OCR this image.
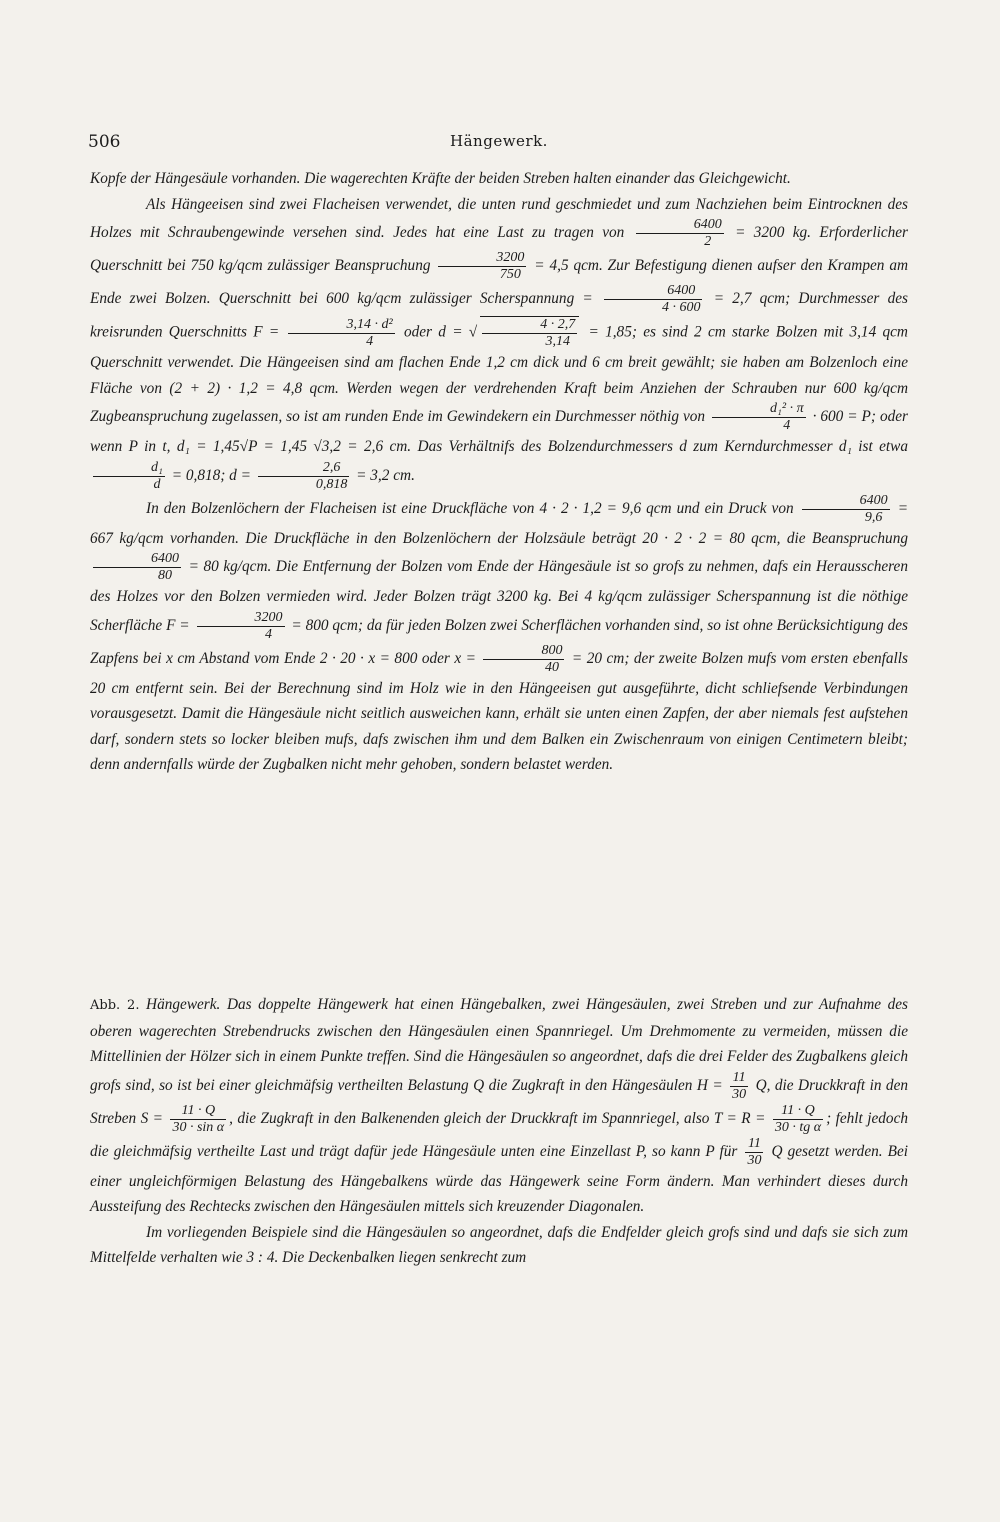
506	Hängewerk.

Kopfe der Hängesäule vorhanden. Die wagerechten Kräfte der beiden Streben halten einander das Gleichgewicht.

Als Hängeeisen sind zwei Flacheisen verwendet, die unten rund geschmiedet und zum Nachziehen beim Eintrocknen des Holzes mit Schraubengewinde versehen sind. Jedes hat eine Last zu tragen von $\frac{6400}{2} = 3200$ kg. Erforderlicher Querschnitt bei 750 kg/qcm zulässiger Beanspruchung $\frac{3200}{750} = 4,5$ qcm. Zur Befestigung dienen aufser den Krampen am Ende zwei Bolzen. Querschnitt bei 600 kg/qcm zulässiger Scherspannung = $\frac{6400}{4 \cdot 600} = 2,7$ qcm; Durchmesser des kreisrunden Querschnitts $F = \frac{\text{3,14 · d²}}{4}$ oder d = √ $\frac{4 \cdot 2,7}{3,14} = 1,85$; es sind 2 cm starke Bolzen mit 3,14 qcm Querschnitt verwendet. Die Hängeeisen sind am flachen Ende 1,2 cm dick und 6 cm breit gewählt; sie haben am Bolzenloch eine Fläche von (2 + 2) · 1,2 = 4,8 qcm. Werden wegen der verdrehenden Kraft beim Anziehen der Schrauben nur 600 kg/qcm Zugbeanspruchung zugelassen, so ist am runden Ende im Gewindekern ein Durchmesser nöthig von $\frac{\text{d₁² · π}}{4} \cdot 600 = P$; oder wenn P in t, d₁ = 1,45√P = 1,45 √3,2 = 2,6 cm. Das Verhältnifs des Bolzendurchmessers d zum Kerndurchmesser d₁ ist etwa
$\frac{\text{d₁}}{d} = 0,818$; $d = \frac{2,6}{0,818} = 3,2$ cm.

In den Bolzenlöchern der Flacheisen ist eine Druckfläche von 4 · 2 · 1,2 = 9,6 qcm und ein Druck von $\frac{6400}{9,6} = 667$ kg/qcm vorhanden. Die Druckfläche in den Bolzenlöchern der Holzsäule beträgt 20 · 2 · 2 = 80 qcm, die Beanspruchung
$\frac{6400}{80} = 80$ kg/qcm. Die Entfernung der Bolzen vom Ende der Hängesäule ist so grofs zu nehmen, dafs ein Herausscheren des Holzes vor den Bolzen vermieden wird. Jeder Bolzen trägt 3200 kg. Bei 4 kg/qcm zulässiger Scherspannung ist die nöthige Scherfläche $F = \frac{3200}{4} = 800$ qcm; da für jeden Bolzen zwei Scherflächen vorhanden sind, so ist ohne Berücksichtigung des Zapfens bei x cm Abstand vom Ende 2 · 20 · x = 800 oder $x = \frac{800}{40} = 20$ cm; der zweite Bolzen mufs vom ersten ebenfalls 20 cm entfernt sein. Bei der Berechnung sind im Holz wie in den Hängeeisen gut ausgeführte, dicht schliefsende Verbindungen vorausgesetzt. Damit die Hängesäule nicht seitlich ausweichen kann, erhält sie unten einen Zapfen, der aber niemals fest aufstehen darf, sondern stets so locker bleiben mufs, dafs zwischen ihm und dem Balken ein Zwischenraum von einigen Centimetern bleibt; denn andernfalls würde der Zugbalken nicht mehr gehoben, sondern belastet werden.

Abb. 2. Hängewerk. Das doppelte Hängewerk hat einen Hängebalken, zwei Hängesäulen, zwei Streben und zur Aufnahme des oberen wagerechten Strebendrucks zwischen den Hängesäulen einen Spannriegel. Um Drehmomente zu vermeiden, müssen die Mittellinien der Hölzer sich in einem Punkte treffen. Sind die Hängesäulen so angeordnet, dafs die drei Felder des Zugbalkens gleich grofs sind, so ist bei einer gleichmäfsig vertheilten Belastung Q die Zugkraft in den Hängesäulen $H = \frac{11}{30} Q$, die Druckkraft in den Streben $S = \frac{11 \cdot Q}{\text{30 · sin α}}$ , die Zugkraft in den Balkenenden gleich der Druckkraft im Spannriegel, also $T = R = \frac{11 \cdot Q}{\text{30 · tg α}}$ ; fehlt jedoch die gleichmäfsig vertheilte Last und trägt dafür jede Hängesäule unten eine Einzellast P, so kann P für $\frac{11}{30}$ Q gesetzt werden. Bei einer ungleichförmigen Belastung des Hängebalkens würde das Hängewerk seine Form ändern. Man verhindert dieses durch Aussteifung des Rechtecks zwischen den Hängesäulen mittels sich kreuzender Diagonalen.

Im vorliegenden Beispiele sind die Hängesäulen so angeordnet, dafs die Endfelder gleich grofs sind und dafs sie sich zum Mittelfelde verhalten wie 3 : 4. Die Deckenbalken liegen senkrecht zum
